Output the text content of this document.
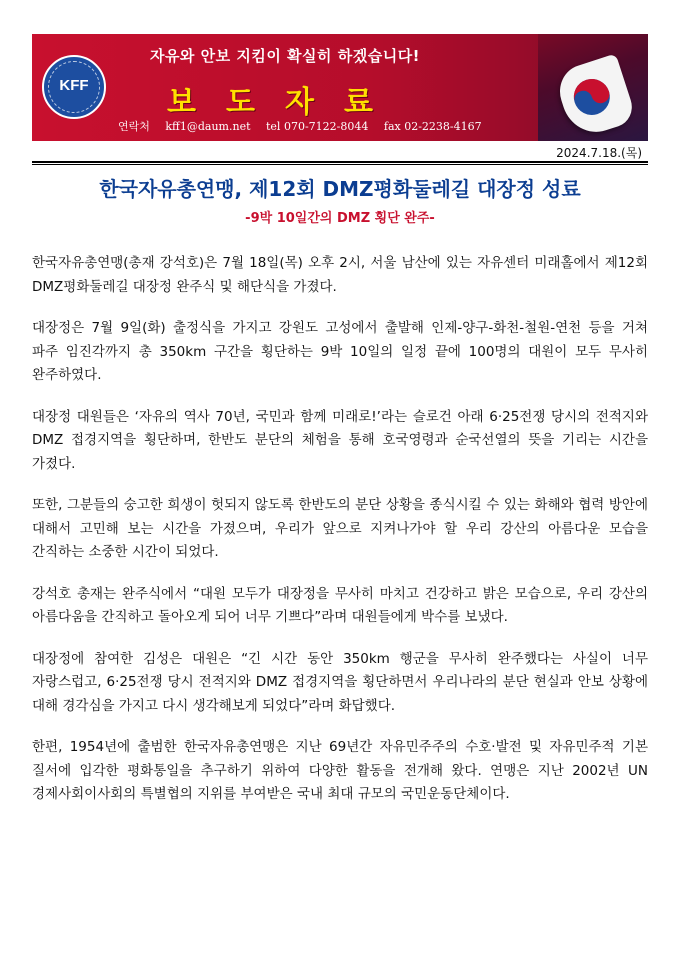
KFF
자유와 안보 지킴이 확실히 하겠습니다!
보도자료
연락처 kff1@daum.net tel 070-7122-8044 fax 02-2238-4167
2024.7.18.(목)
한국자유총연맹, 제12회 DMZ평화둘레길 대장정 성료
-9박 10일간의 DMZ 횡단 완주-

한국자유총연맹(총재 강석호)은 7월 18일(목) 오후 2시, 서울 남산에 있는 자유센터 미래홀에서 제12회 DMZ평화둘레길 대장정 완주식 및 해단식을 가졌다.

대장정은 7월 9일(화) 출정식을 가지고 강원도 고성에서 출발해 인제-양구-화천-철원-연천 등을 거쳐 파주 임진각까지 총 350km 구간을 횡단하는 9박 10일의 일정 끝에 100명의 대원이 모두 무사히 완주하였다.

대장정 대원들은 ‘자유의 역사 70년, 국민과 함께 미래로!’라는 슬로건 아래 6·25전쟁 당시의 전적지와 DMZ 접경지역을 횡단하며, 한반도 분단의 체험을 통해 호국영령과 순국선열의 뜻을 기리는 시간을 가졌다.

또한, 그분들의 숭고한 희생이 헛되지 않도록 한반도의 분단 상황을 종식시킬 수 있는 화해와 협력 방안에 대해서 고민해 보는 시간을 가졌으며, 우리가 앞으로 지켜나가야 할 우리 강산의 아름다운 모습을 간직하는 소중한 시간이 되었다.

강석호 총재는 완주식에서 “대원 모두가 대장정을 무사히 마치고 건강하고 밝은 모습으로, 우리 강산의 아름다움을 간직하고 돌아오게 되어 너무 기쁘다”라며 대원들에게 박수를 보냈다.

대장정에 참여한 김성은 대원은 “긴 시간 동안 350km 행군을 무사히 완주했다는 사실이 너무 자랑스럽고, 6·25전쟁 당시 전적지와 DMZ 접경지역을 횡단하면서 우리나라의 분단 현실과 안보 상황에 대해 경각심을 가지고 다시 생각해보게 되었다”라며 화답했다.

한편, 1954년에 출범한 한국자유총연맹은 지난 69년간 자유민주주의 수호·발전 및 자유민주적 기본 질서에 입각한 평화통일을 추구하기 위하여 다양한 활동을 전개해 왔다. 연맹은 지난 2002년 UN 경제사회이사회의 특별협의 지위를 부여받은 국내 최대 규모의 국민운동단체이다.
